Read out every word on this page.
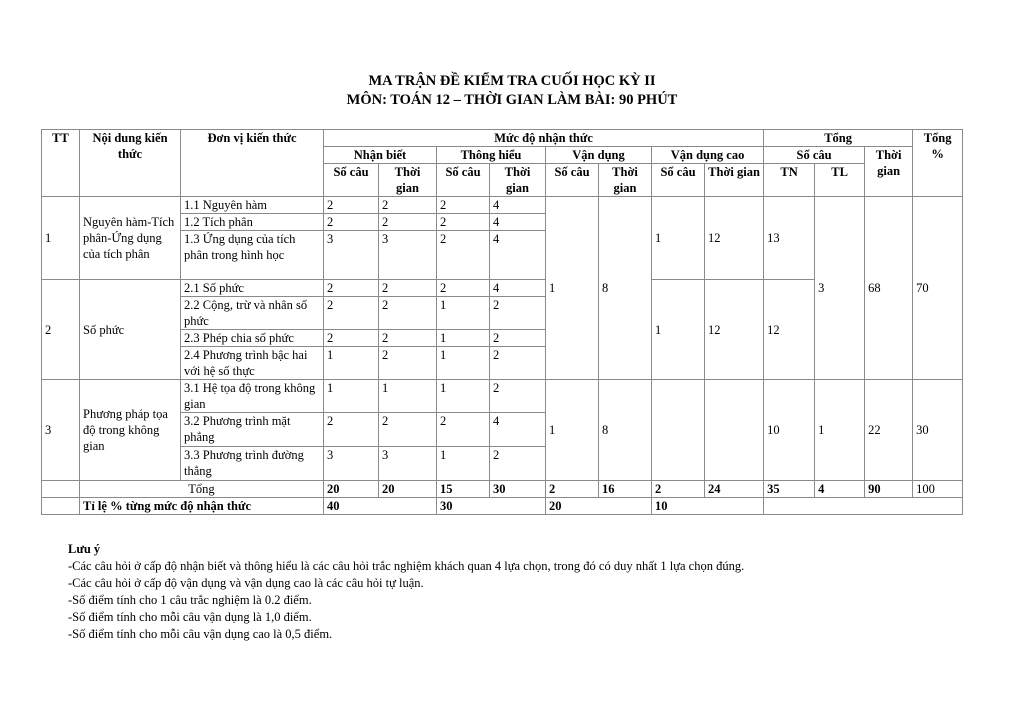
MA TRẬN ĐỀ KIỂM TRA CUỐI HỌC KỲ II
MÔN: TOÁN 12 – THỜI GIAN LÀM BÀI: 90 PHÚT
TT	Nội dung kiến thức	Đơn vị kiến thức	Mức độ nhận thức								Tổng			Tổng %
			Nhận biết		Thông hiểu		Vận dụng		Vận dụng cao		Số câu		Thời gian	
			Số câu	Thời gian	Số câu	Thời gian	Số câu	Thời gian	Số câu	Thời gian	TN	TL		
1	Nguyên hàm-Tích phân-Ứng dụng của tích phân	1.1 Nguyên hàm	2	2	2	4	1	8	1	12	13	3	68	70
		1.2 Tích phân	2	2	2	4								
		1.3 Ứng dụng của tích phân trong hình học	3	3	2	4								
2	Số phức	2.1 Số phức	2	2	2	4			1	12	12			
		2.2 Cộng, trừ và nhân số phức	2	2	1	2								
		2.3 Phép chia số phức	2	2	1	2								
		2.4 Phương trình bậc hai với hệ số thực	1	2	1	2								
3	Phương pháp tọa độ trong không gian	3.1 Hệ tọa độ trong không gian	1	1	1	2	1	8			10	1	22	30
		3.2 Phương trình mặt phẳng	2	2	2	4								
		3.3 Phương trình đường thẳng	3	3	1	2								
	Tổng		20	20	15	30	2	16	2	24	35	4	90	100
	Tỉ lệ % từng mức độ nhận thức		40		30		20		10					
Lưu ý
-Các câu hỏi ở cấp độ nhận biết và thông hiểu là các câu hỏi trắc nghiệm khách quan 4 lựa chọn, trong đó có duy nhất 1 lựa chọn đúng.
-Các câu hỏi ở cấp độ vận dụng và vận dụng cao là các câu hỏi tự luận.
-Số điểm tính cho 1 câu trắc nghiệm là 0.2 điểm.
-Số điểm tính cho mỗi câu vận dụng là 1,0 điểm.
-Số điểm tính cho mỗi câu vận dụng cao là 0,5 điểm.
